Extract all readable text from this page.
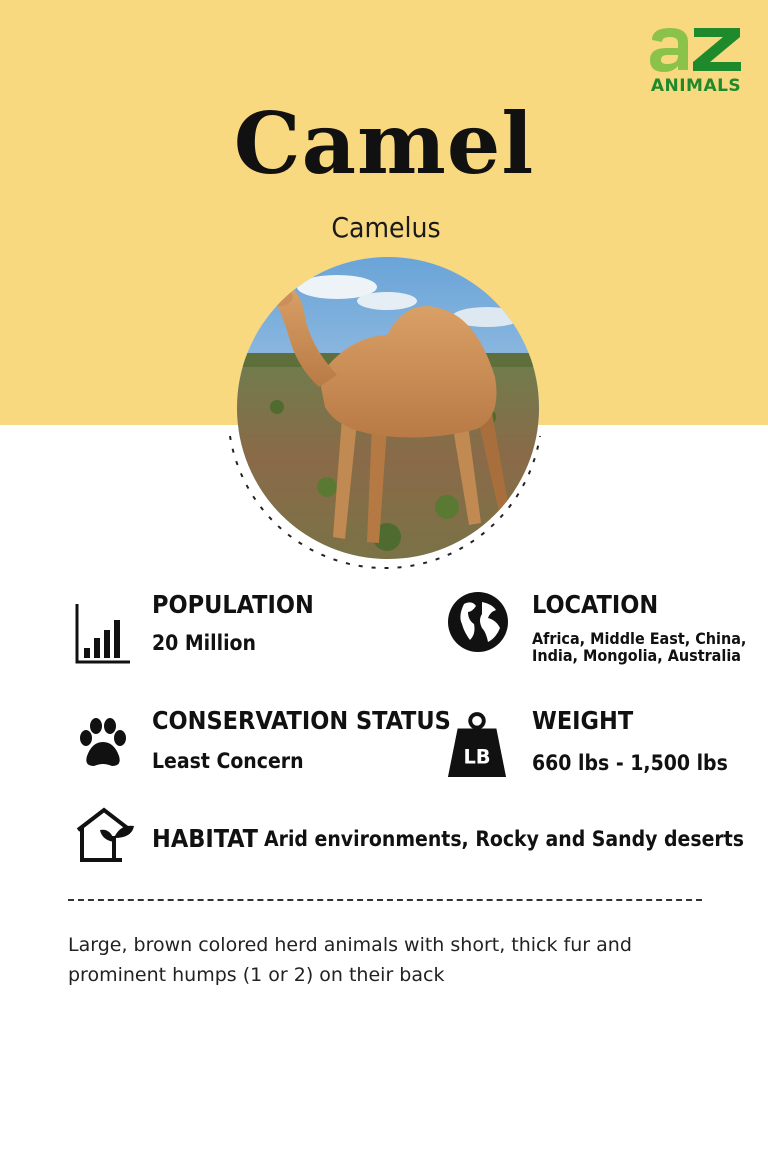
ANIMALS
Camel
Camelus
POPULATION
20 Million
LOCATION
Africa, Middle East, China, India, Mongolia, Australia
CONSERVATION STATUS
Least Concern	LB
WEIGHT
660 lbs - 1,500 lbs
HABITAT Arid environments, Rocky and Sandy deserts

Large, brown colored herd animals with short, thick fur and prominent humps (1 or 2) on their back
